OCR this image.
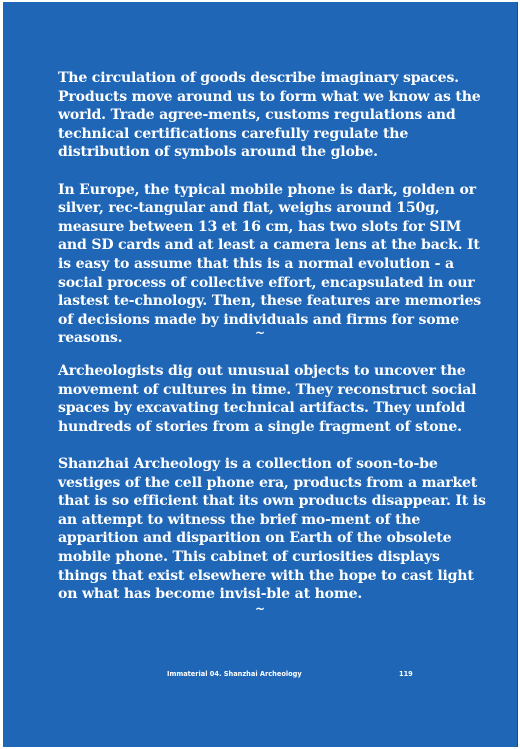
The circulation of goods describe imaginary spaces. Products move around us to form what we know as the world. Trade agree-ments, customs regulations and technical certifications carefully regulate the distribution of symbols around the globe.

In Europe, the typical mobile phone is dark, golden or silver, rec-tangular and flat, weighs around 150g, measure between 13 et 16 cm, has two slots for SIM and SD cards and at least a camera lens at the back. It is easy to assume that this is a normal evolution - a social process of collective effort, encapsulated in our lastest te-chnology. Then, these features are memories of decisions made by individuals and firms for some reasons.	~

Archeologists dig out unusual objects to uncover the movement of cultures in time. They reconstruct social spaces by excavating technical artifacts. They unfold hundreds of stories from a single fragment of stone.

Shanzhai Archeology is a collection of soon-to-be vestiges of the cell phone era, products from a market that is so efficient that its own products disappear. It is an attempt to witness the brief mo-ment of the apparition and disparition on Earth of the obsolete mobile phone. This cabinet of curiosities displays things that exist elsewhere with the hope to cast light on what has become invisi-ble at home.

~
Immaterial 04. Shanzhai Archeology	119
